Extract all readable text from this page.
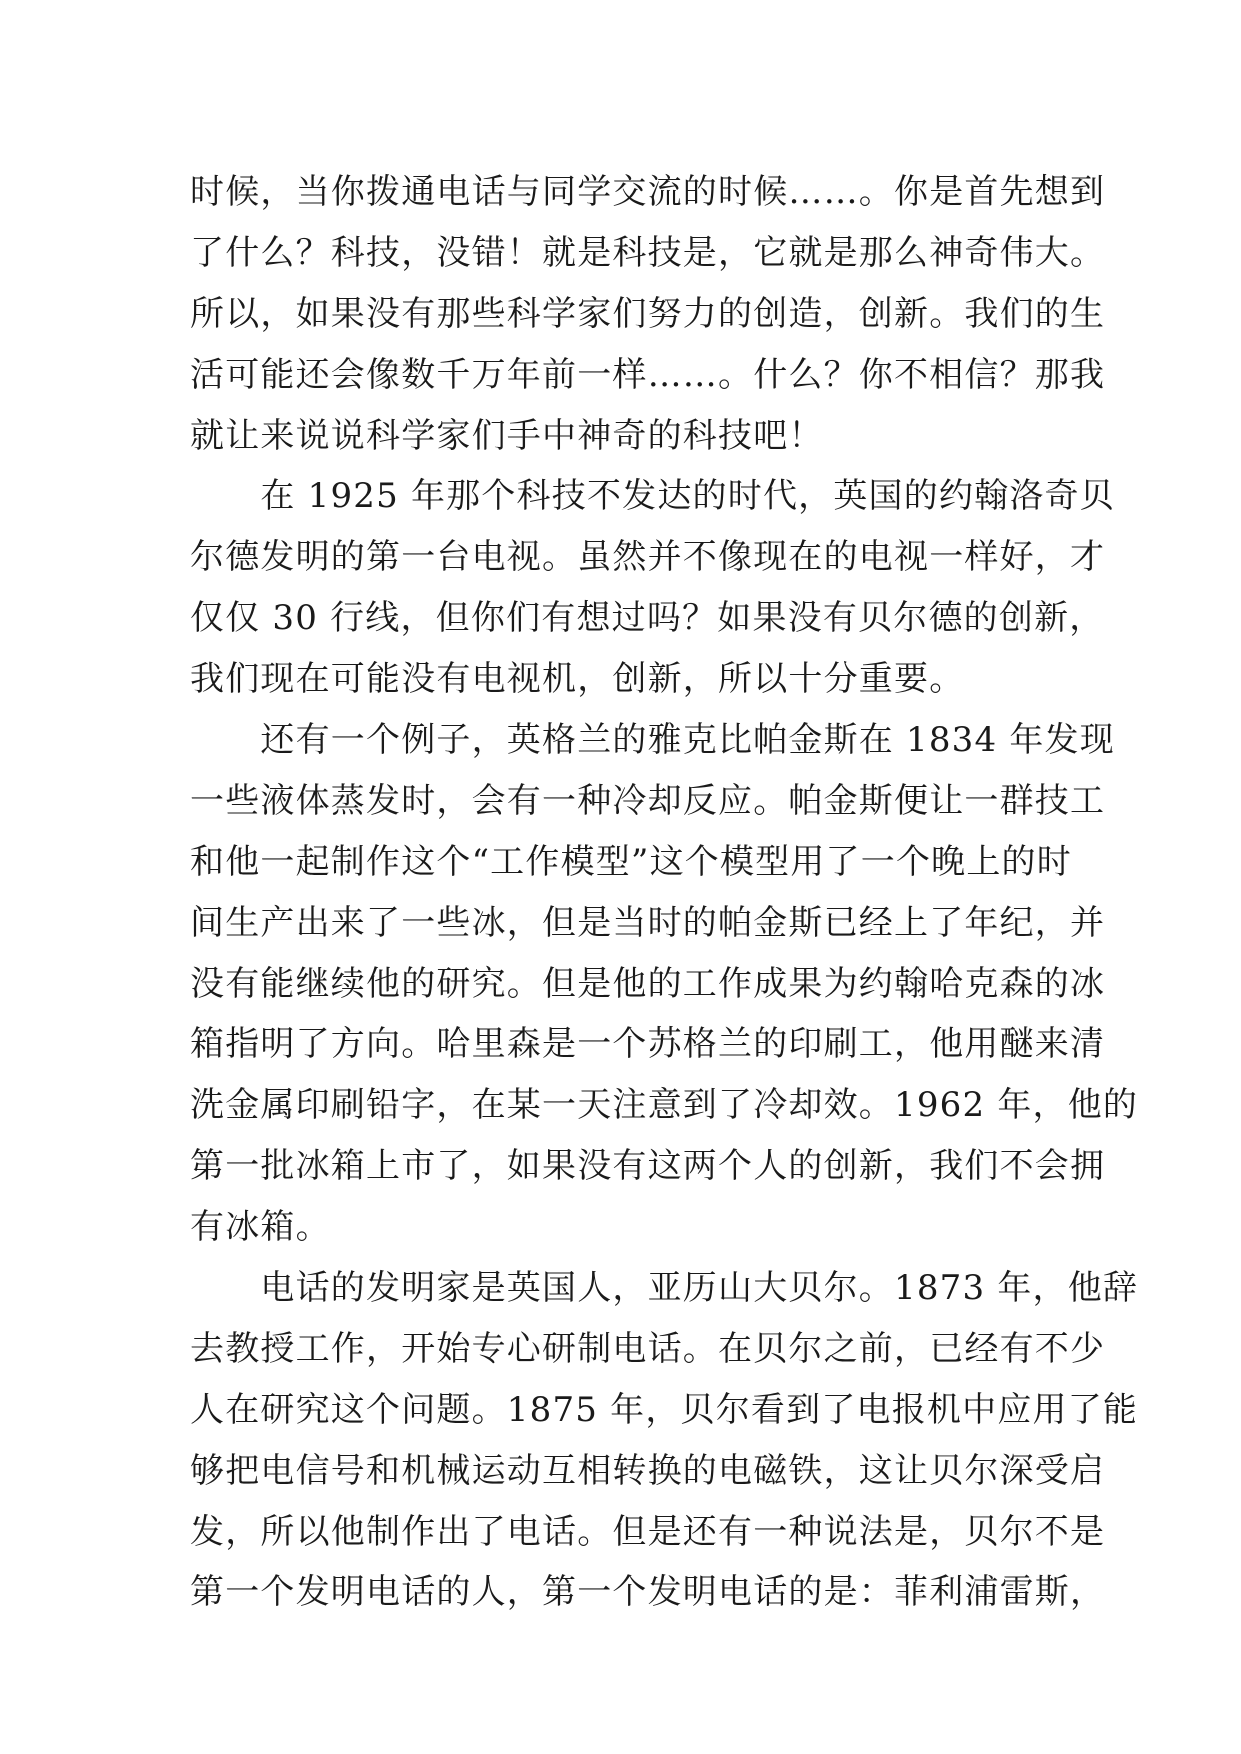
时候，当你拨通电话与同学交流的时候……。你是首先想到
了什么？科技，没错！就是科技是，它就是那么神奇伟大。
所以，如果没有那些科学家们努力的创造，创新。我们的生
活可能还会像数千万年前一样……。什么？你不相信？那我
就让来说说科学家们手中神奇的科技吧！
　　在 1925 年那个科技不发达的时代，英国的约翰洛奇贝
尔德发明的第一台电视。虽然并不像现在的电视一样好，才
仅仅 30 行线，但你们有想过吗？如果没有贝尔德的创新，
我们现在可能没有电视机，创新，所以十分重要。
　　还有一个例子，英格兰的雅克比帕金斯在 1834 年发现
一些液体蒸发时，会有一种冷却反应。帕金斯便让一群技工
和他一起制作这个“工作模型”这个模型用了一个晚上的时
间生产出来了一些冰，但是当时的帕金斯已经上了年纪，并
没有能继续他的研究。但是他的工作成果为约翰哈克森的冰
箱指明了方向。哈里森是一个苏格兰的印刷工，他用醚来清
洗金属印刷铅字，在某一天注意到了冷却效。1962 年，他的
第一批冰箱上市了，如果没有这两个人的创新，我们不会拥
有冰箱。
　　电话的发明家是英国人，亚历山大贝尔。1873 年，他辞
去教授工作，开始专心研制电话。在贝尔之前，已经有不少
人在研究这个问题。1875 年，贝尔看到了电报机中应用了能
够把电信号和机械运动互相转换的电磁铁，这让贝尔深受启
发，所以他制作出了电话。但是还有一种说法是，贝尔不是
第一个发明电话的人，第一个发明电话的是：菲利浦雷斯，
